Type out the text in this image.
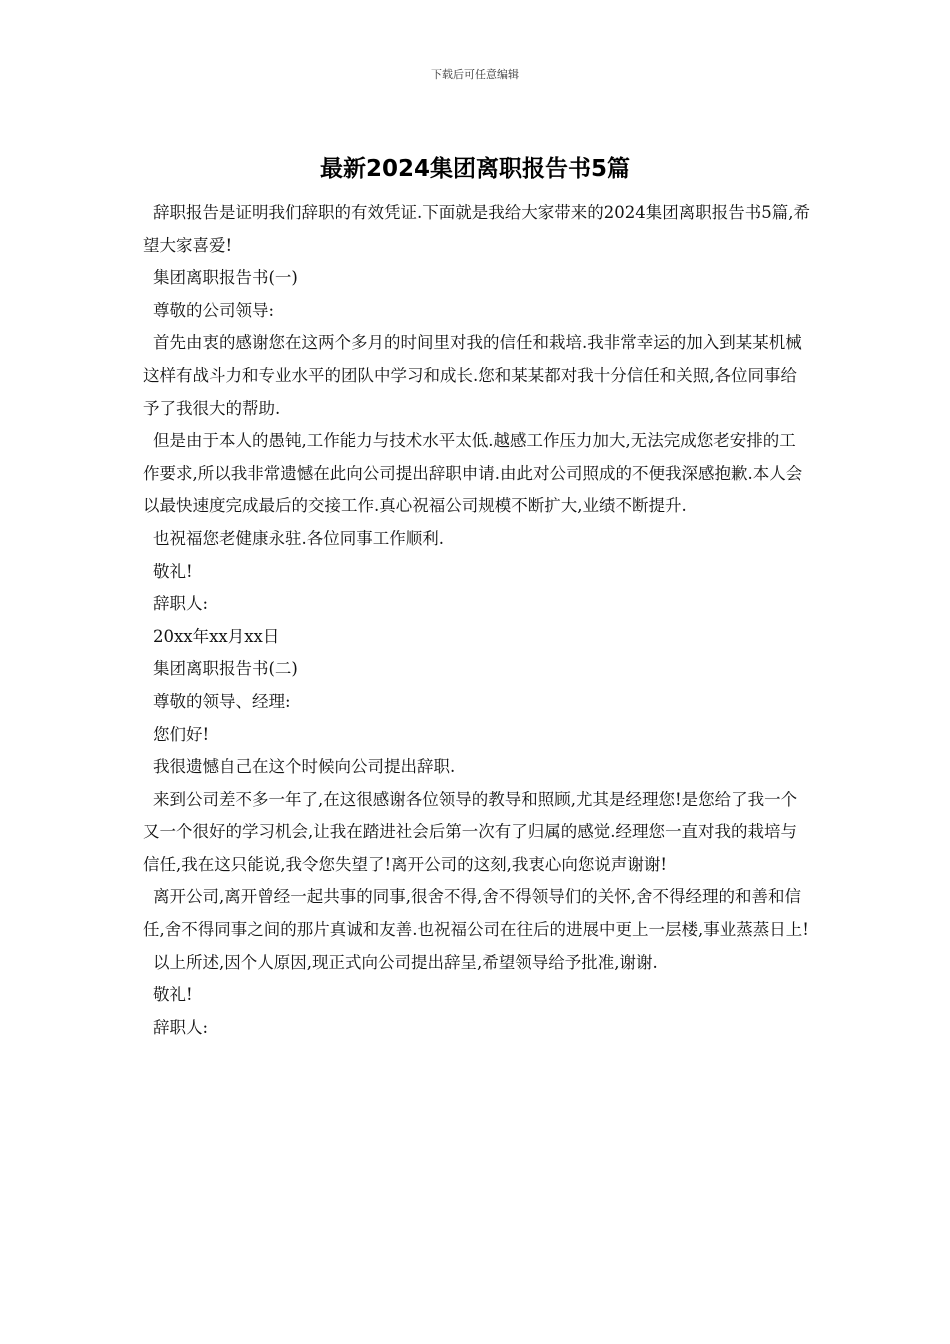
下载后可任意编辑
最新2024集团离职报告书5篇

辞职报告是证明我们辞职的有效凭证.下面就是我给大家带来的2024集团离职报告书5篇,希望大家喜爱!

集团离职报告书(一)

尊敬的公司领导:

首先由衷的感谢您在这两个多月的时间里对我的信任和栽培.我非常幸运的加入到某某机械这样有战斗力和专业水平的团队中学习和成长.您和某某都对我十分信任和关照,各位同事给予了我很大的帮助.

但是由于本人的愚钝,工作能力与技术水平太低.越感工作压力加大,无法完成您老安排的工作要求,所以我非常遗憾在此向公司提出辞职申请.由此对公司照成的不便我深感抱歉.本人会以最快速度完成最后的交接工作.真心祝福公司规模不断扩大,业绩不断提升.

也祝福您老健康永驻.各位同事工作顺利.

敬礼!

辞职人:

20xx年xx月xx日

集团离职报告书(二)

尊敬的领导、经理:

您们好!

我很遗憾自己在这个时候向公司提出辞职.

来到公司差不多一年了,在这很感谢各位领导的教导和照顾,尤其是经理您!是您给了我一个又一个很好的学习机会,让我在踏进社会后第一次有了归属的感觉.经理您一直对我的栽培与信任,我在这只能说,我令您失望了!离开公司的这刻,我衷心向您说声谢谢!

离开公司,离开曾经一起共事的同事,很舍不得,舍不得领导们的关怀,舍不得经理的和善和信任,舍不得同事之间的那片真诚和友善.也祝福公司在往后的进展中更上一层楼,事业蒸蒸日上!

以上所述,因个人原因,现正式向公司提出辞呈,希望领导给予批准,谢谢.

敬礼!

辞职人:
